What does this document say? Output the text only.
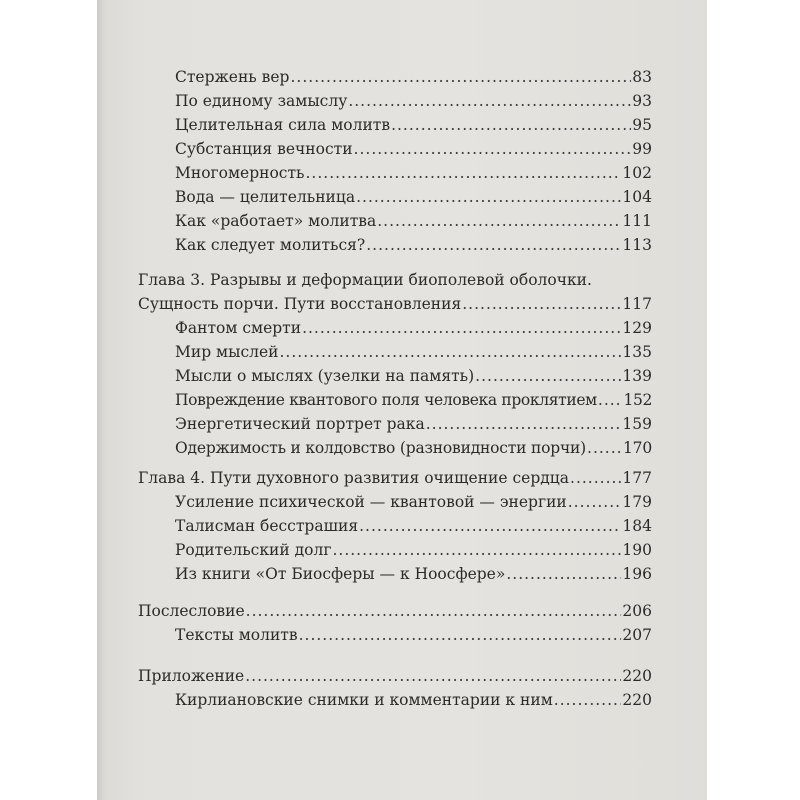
Стержень вер .....	83
По единому замыслу .....	93
Целительная сила молитв .....	95
Субстанция вечности .....	99
Многомерность .....	102
Вода — целительница .....	104
Как «работает» молитва .....	111
Как следует молиться? .....	113
Глава 3. Разрывы и деформации биополевой оболочки.
Сущность порчи. Пути восстановления .....	117
Фантом смерти .....	129
Мир мыслей .....	135
Мысли о мыслях (узелки на память) .....	139
Повреждение квантового поля человека проклятием ..... 152
Энергетический портрет рака .....	159
Одержимость и колдовство (разновидности порчи) ..... 170
Глава 4. Пути духовного развития очищение сердца .....	177
Усиление психической — квантовой — энергии .....	179
Талисман бесстрашия .....	184
Родительский долг .....	190
Из книги «От Биосферы — к Ноосфере» .....	196
Послесловие .....	206
Тексты молитв .....	207
Приложение .....	220
Кирлиановские снимки и комментарии к ним .....	220
